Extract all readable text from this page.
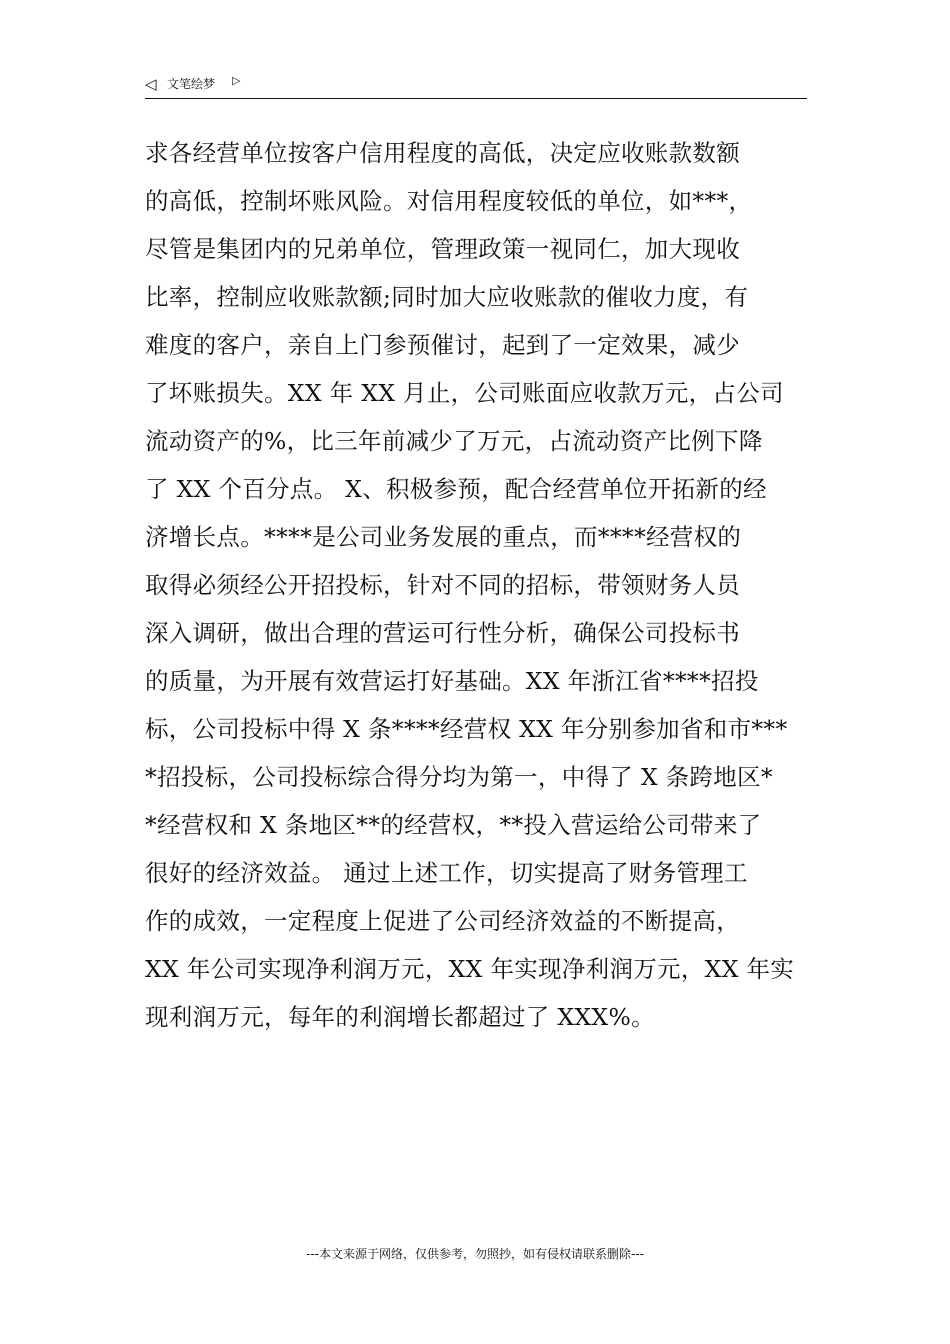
◁ 文笔绘梦 ▷
求各经营单位按客户信用程度的高低，决定应收账款数额
的高低，控制坏账风险。对信用程度较低的单位，如***，
尽管是集团内的兄弟单位，管理政策一视同仁，加大现收
比率，控制应收账款额;同时加大应收账款的催收力度，有
难度的客户，亲自上门参预催讨，起到了一定效果，减少
了坏账损失。XX 年 XX 月止，公司账面应收款万元，占公司
流动资产的%，比三年前减少了万元，占流动资产比例下降
了 XX 个百分点。 X、积极参预，配合经营单位开拓新的经
济增长点。****是公司业务发展的重点，而****经营权的
取得必须经公开招投标，针对不同的招标，带领财务人员
深入调研，做出合理的营运可行性分析，确保公司投标书
的质量，为开展有效营运打好基础。XX 年浙江省****招投
标，公司投标中得 X 条****经营权 XX 年分别参加省和市***
*招投标，公司投标综合得分均为第一，中得了 X 条跨地区*
*经营权和 X 条地区**的经营权，**投入营运给公司带来了
很好的经济效益。 通过上述工作，切实提高了财务管理工
作的成效，一定程度上促进了公司经济效益的不断提高，
XX 年公司实现净利润万元，XX 年实现净利润万元，XX 年实
现利润万元，每年的利润增长都超过了 XXX%。
---本文来源于网络，仅供参考，勿照抄，如有侵权请联系删除---
